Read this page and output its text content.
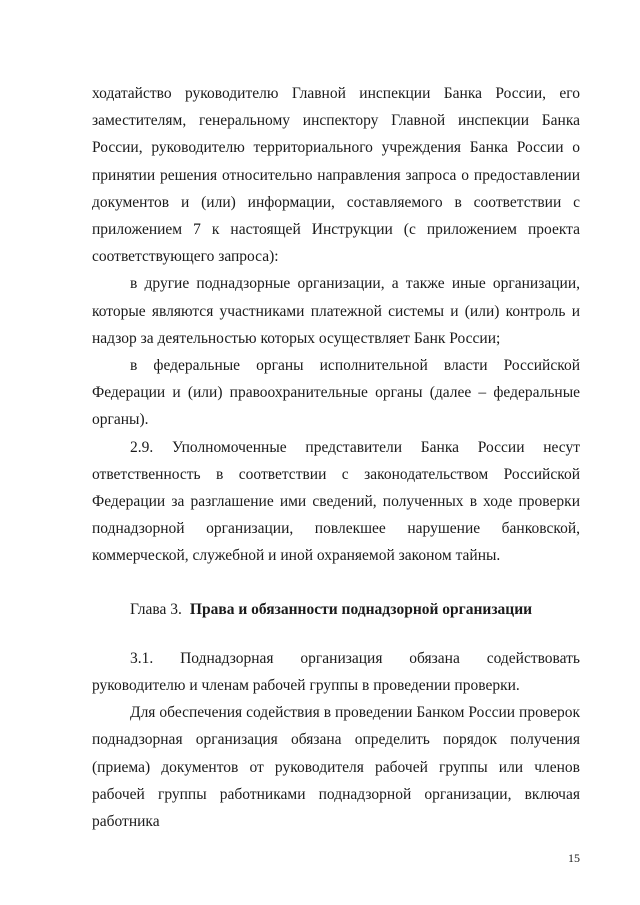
ходатайство руководителю Главной инспекции Банка России, его заместителям, генеральному инспектору Главной инспекции Банка России, руководителю территориального учреждения Банка России о принятии решения относительно направления запроса о предоставлении документов и (или) информации, составляемого в соответствии с приложением 7 к настоящей Инструкции (с приложением проекта соответствующего запроса):

в другие поднадзорные организации, а также иные организации, которые являются участниками платежной системы и (или) контроль и надзор за деятельностью которых осуществляет Банк России;

в федеральные органы исполнительной власти Российской Федерации и (или) правоохранительные органы (далее – федеральные органы).

2.9. Уполномоченные представители Банка России несут ответственность в соответствии с законодательством Российской Федерации за разглашение ими сведений, полученных в ходе проверки поднадзорной организации, повлекшее нарушение банковской, коммерческой, служебной и иной охраняемой законом тайны.

Глава 3. Права и обязанности поднадзорной организации

3.1. Поднадзорная организация обязана содействовать руководителю и членам рабочей группы в проведении проверки.

Для обеспечения содействия в проведении Банком России проверок поднадзорная организация обязана определить порядок получения (приема) документов от руководителя рабочей группы или членов рабочей группы работниками поднадзорной организации, включая работника

15
